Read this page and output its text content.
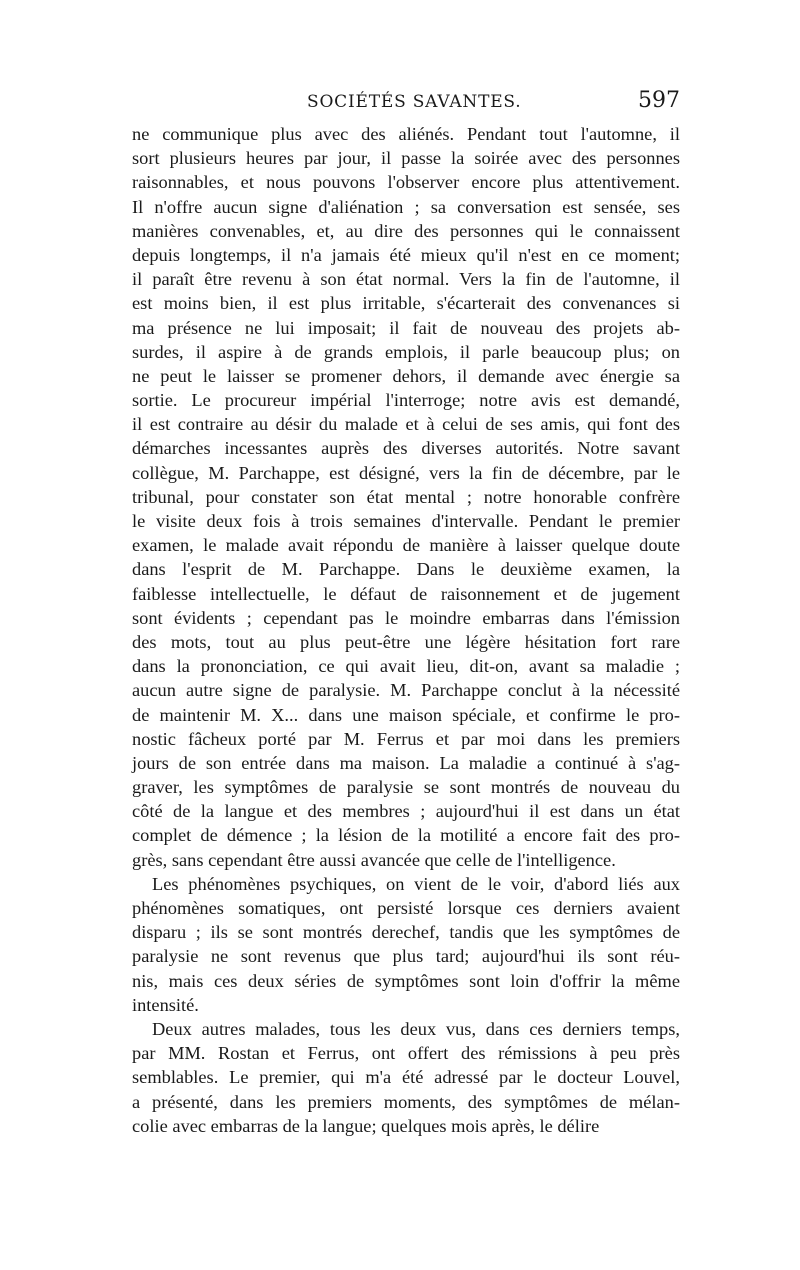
SOCIÉTÉS SAVANTES.	597
ne communique plus avec des aliénés. Pendant tout l'automne, il
sort plusieurs heures par jour, il passe la soirée avec des personnes
raisonnables, et nous pouvons l'observer encore plus attentivement.
Il n'offre aucun signe d'aliénation ; sa conversation est sensée, ses
manières convenables, et, au dire des personnes qui le connaissent
depuis longtemps, il n'a jamais été mieux qu'il n'est en ce moment;
il paraît être revenu à son état normal. Vers la fin de l'automne, il
est moins bien, il est plus irritable, s'écarterait des convenances si
ma présence ne lui imposait; il fait de nouveau des projets ab-
surdes, il aspire à de grands emplois, il parle beaucoup plus; on
ne peut le laisser se promener dehors, il demande avec énergie sa
sortie. Le procureur impérial l'interroge; notre avis est demandé,
il est contraire au désir du malade et à celui de ses amis, qui font des
démarches incessantes auprès des diverses autorités. Notre savant
collègue, M. Parchappe, est désigné, vers la fin de décembre, par le
tribunal, pour constater son état mental ; notre honorable confrère
le visite deux fois à trois semaines d'intervalle. Pendant le premier
examen, le malade avait répondu de manière à laisser quelque doute
dans l'esprit de M. Parchappe. Dans le deuxième examen, la
faiblesse intellectuelle, le défaut de raisonnement et de jugement
sont évidents ; cependant pas le moindre embarras dans l'émission
des mots, tout au plus peut-être une légère hésitation fort rare
dans la prononciation, ce qui avait lieu, dit-on, avant sa maladie ;
aucun autre signe de paralysie. M. Parchappe conclut à la nécessité
de maintenir M. X... dans une maison spéciale, et confirme le pro-
nostic fâcheux porté par M. Ferrus et par moi dans les premiers
jours de son entrée dans ma maison. La maladie a continué à s'ag-
graver, les symptômes de paralysie se sont montrés de nouveau du
côté de la langue et des membres ; aujourd'hui il est dans un état
complet de démence ; la lésion de la motilité a encore fait des pro-
grès, sans cependant être aussi avancée que celle de l'intelligence.
Les phénomènes psychiques, on vient de le voir, d'abord liés aux
phénomènes somatiques, ont persisté lorsque ces derniers avaient
disparu ; ils se sont montrés derechef, tandis que les symptômes de
paralysie ne sont revenus que plus tard; aujourd'hui ils sont réu-
nis, mais ces deux séries de symptômes sont loin d'offrir la même
intensité.
Deux autres malades, tous les deux vus, dans ces derniers temps,
par MM. Rostan et Ferrus, ont offert des rémissions à peu près
semblables. Le premier, qui m'a été adressé par le docteur Louvel,
a présenté, dans les premiers moments, des symptômes de mélan-
colie avec embarras de la langue; quelques mois après, le délire
